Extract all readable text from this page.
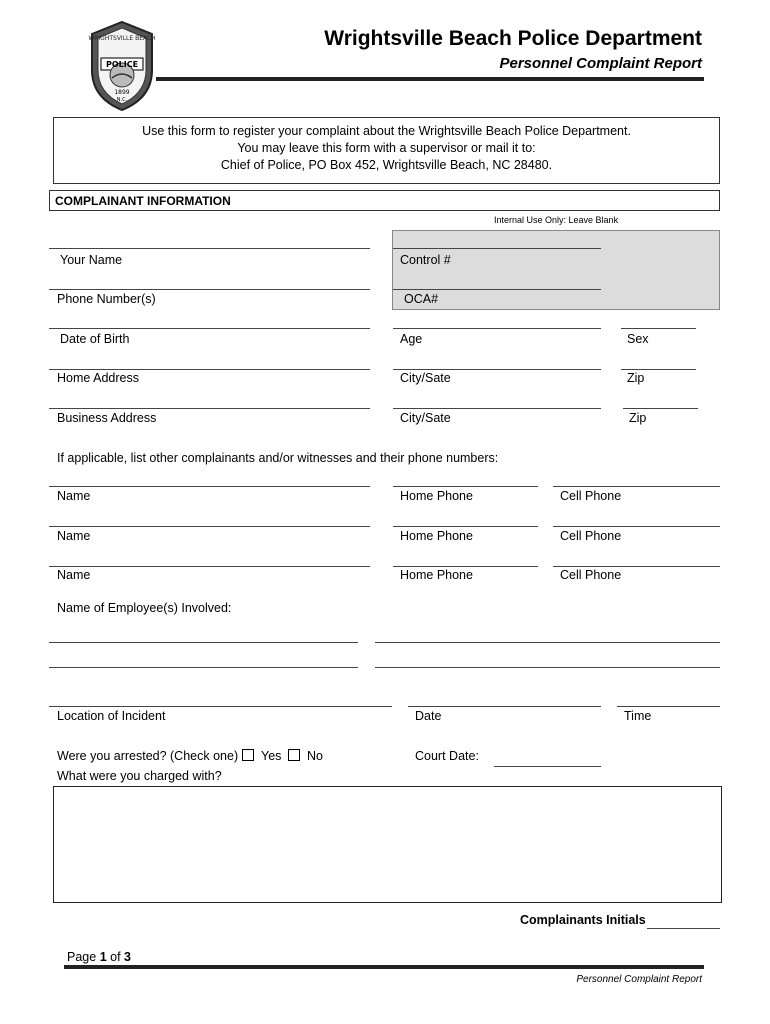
WRIGHTSVILLE BEACH
POLICE
1899
N.C.
Wrightsville Beach Police Department
Personnel Complaint Report
Use this form to register your complaint about the Wrightsville Beach Police Department.
You may leave this form with a supervisor or mail it to:
Chief of Police, PO Box 452, Wrightsville Beach, NC 28480.
COMPLAINANT INFORMATION
Internal Use Only: Leave Blank
Your Name	Control #
Phone Number(s)	OCA#
Date of Birth	Age	Sex
Home Address	City/Sate	Zip
Business Address	City/Sate	Zip
If applicable, list other complainants and/or witnesses and their phone numbers:
Name	Home Phone	Cell Phone
Name	Home Phone	Cell Phone
Name	Home Phone	Cell Phone
Name of Employee(s) Involved:
Location of Incident	Date	Time
Were you arrested? (Check one) Yes No	Court Date:
What were you charged with?
Complainants Initials
Page 1 of 3
Personnel Complaint Report
